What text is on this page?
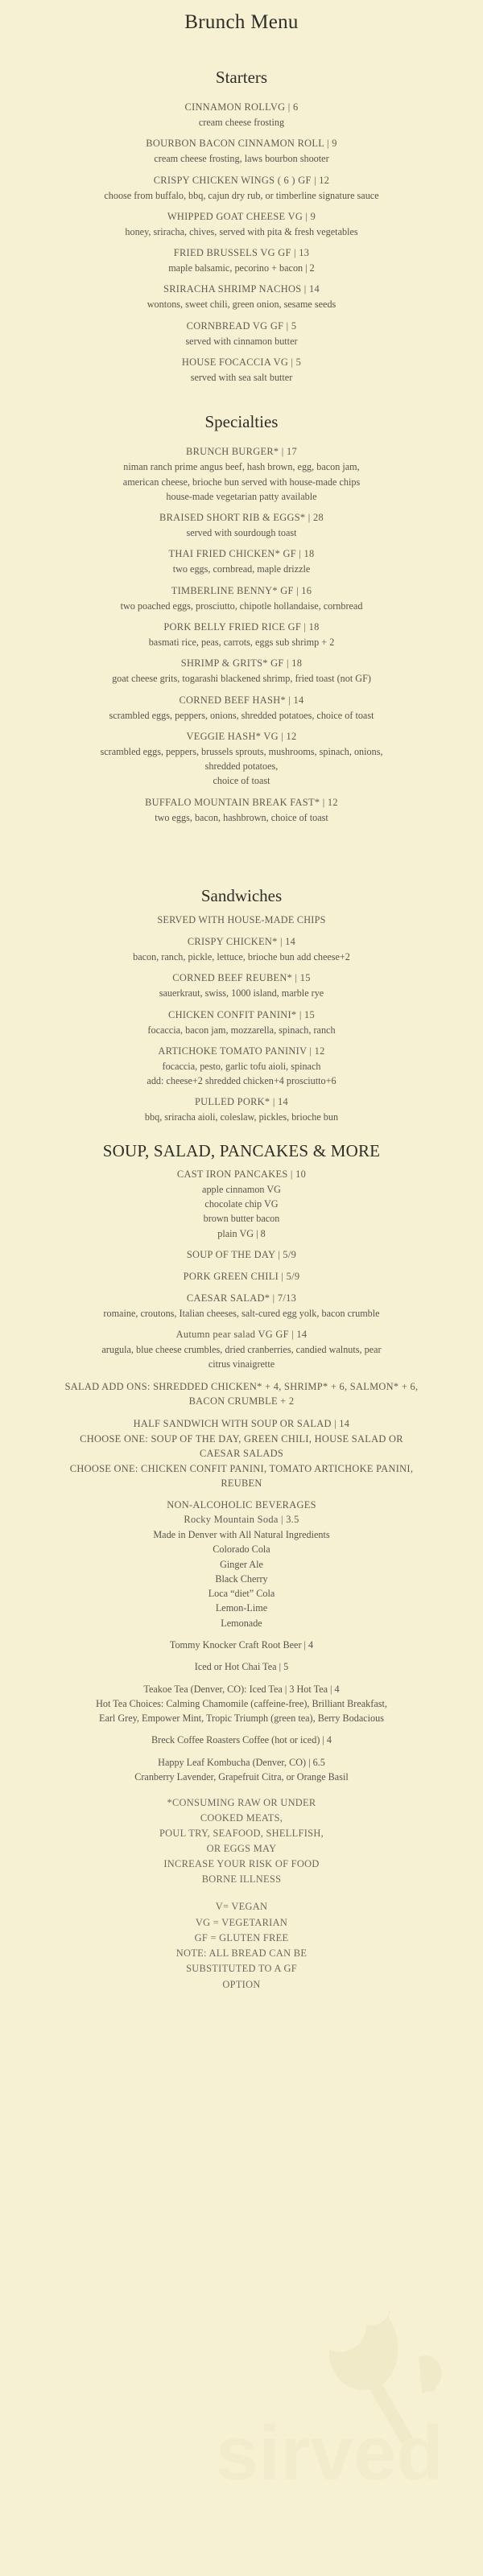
sirved
Brunch Menu
Starters
CINNAMON ROLLVG | 6
cream cheese frosting
BOURBON BACON CINNAMON ROLL | 9
cream cheese frosting, laws bourbon shooter
CRISPY CHICKEN WINGS ( 6 ) GF | 12
choose from buffalo, bbq, cajun dry rub, or timberline signature sauce
WHIPPED GOAT CHEESE VG | 9
honey, sriracha, chives, served with pita & fresh vegetables
FRIED BRUSSELS VG GF | 13
maple balsamic, pecorino + bacon | 2
SRIRACHA SHRIMP NACHOS | 14
wontons, sweet chili, green onion, sesame seeds
CORNBREAD VG GF | 5
served with cinnamon butter
HOUSE FOCACCIA VG | 5
served with sea salt butter
Specialties
BRUNCH BURGER* | 17
niman ranch prime angus beef, hash brown, egg, bacon jam,
american cheese, brioche bun served with house-made chips
house-made vegetarian patty available
BRAISED SHORT RIB & EGGS* | 28
served with sourdough toast
THAI FRIED CHICKEN* GF | 18
two eggs, cornbread, maple drizzle
TIMBERLINE BENNY* GF | 16
two poached eggs, prosciutto, chipotle hollandaise, cornbread
PORK BELLY FRIED RICE GF | 18
basmati rice, peas, carrots, eggs sub shrimp + 2
SHRIMP & GRITS* GF | 18
goat cheese grits, togarashi blackened shrimp, fried toast (not GF)
CORNED BEEF HASH* | 14
scrambled eggs, peppers, onions, shredded potatoes, choice of toast
VEGGIE HASH* VG | 12
scrambled eggs, peppers, brussels sprouts, mushrooms, spinach, onions,
shredded potatoes,
choice of toast
BUFFALO MOUNTAIN BREAK FAST* | 12
two eggs, bacon, hashbrown, choice of toast
Sandwiches
SERVED WITH HOUSE-MADE CHIPS
CRISPY CHICKEN* | 14
bacon, ranch, pickle, lettuce, brioche bun add cheese+2
CORNED BEEF REUBEN* | 15
sauerkraut, swiss, 1000 island, marble rye
CHICKEN CONFIT PANINI* | 15
focaccia, bacon jam, mozzarella, spinach, ranch
ARTICHOKE TOMATO PANINIV | 12
focaccia, pesto, garlic tofu aioli, spinach
add: cheese+2 shredded chicken+4 prosciutto+6
PULLED PORK* | 14
bbq, sriracha aioli, coleslaw, pickles, brioche bun
SOUP, SALAD, PANCAKES & MORE
CAST IRON PANCAKES | 10
apple cinnamon VG
chocolate chip VG
brown butter bacon
plain VG | 8
SOUP OF THE DAY | 5/9
PORK GREEN CHILI | 5/9
CAESAR SALAD* | 7/13
romaine, croutons, Italian cheeses, salt-cured egg yolk, bacon crumble
Autumn pear salad VG GF | 14
arugula, blue cheese crumbles, dried cranberries, candied walnuts, pear
citrus vinaigrette
SALAD ADD ONS: SHREDDED CHICKEN* + 4, SHRIMP* + 6, SALMON* + 6,
BACON CRUMBLE + 2
HALF SANDWICH WITH SOUP OR SALAD | 14
CHOOSE ONE: SOUP OF THE DAY, GREEN CHILI, HOUSE SALAD OR
CAESAR SALADS
CHOOSE ONE: CHICKEN CONFIT PANINI, TOMATO ARTICHOKE PANINI,
REUBEN
NON-ALCOHOLIC BEVERAGES
Rocky Mountain Soda | 3.5
Made in Denver with All Natural Ingredients
Colorado Cola
Ginger Ale
Black Cherry
Loca “diet” Cola
Lemon-Lime
Lemonade
Tommy Knocker Craft Root Beer | 4
Iced or Hot Chai Tea | 5
Teakoe Tea (Denver, CO): Iced Tea | 3 Hot Tea | 4
Hot Tea Choices: Calming Chamomile (caffeine-free), Brilliant Breakfast,
Earl Grey, Empower Mint, Tropic Triumph (green tea), Berry Bodacious
Breck Coffee Roasters Coffee (hot or iced) | 4
Happy Leaf Kombucha (Denver, CO) | 6.5
Cranberry Lavender, Grapefruit Citra, or Orange Basil
*CONSUMING RAW OR UNDER
COOKED MEATS,
POUL TRY, SEAFOOD, SHELLFISH,
OR EGGS MAY
INCREASE YOUR RISK OF FOOD
BORNE ILLNESS
V= VEGAN
VG = VEGETARIAN
GF = GLUTEN FREE
NOTE: ALL BREAD CAN BE
SUBSTITUTED TO A GF
OPTION
